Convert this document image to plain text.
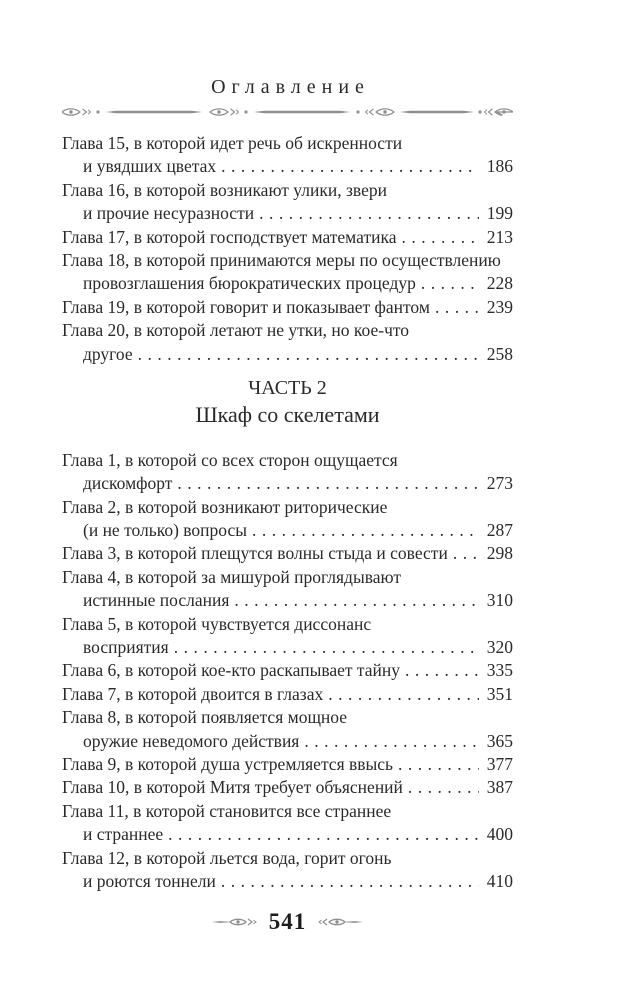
Оглавление
Глава 15, в которой идет речь об искренности
и увядших цветах .....	186
Глава 16, в которой возникают улики, звери
и прочие несуразности .....	199
Глава 17, в которой господствует математика .....	213
Глава 18, в которой принимаются меры по осуществлению
провозглашения бюрократических процедур .....	228
Глава 19, в которой говорит и показывает фантом .....	239
Глава 20, в которой летают не утки, но кое-что
другое .....	258
ЧАСТЬ 2
Шкаф со скелетами
Глава 1, в которой со всех сторон ощущается
дискомфорт .....	273
Глава 2, в которой возникают риторические
(и не только) вопросы .....	287
Глава 3, в которой плещутся волны стыда и совести ..... 298
Глава 4, в которой за мишурой проглядывают
истинные послания .....	310
Глава 5, в которой чувствуется диссонанс
восприятия .....	320
Глава 6, в которой кое-кто раскапывает тайну .....	335
Глава 7, в которой двоится в глазах .....	351
Глава 8, в которой появляется мощное
оружие неведомого действия .....	365
Глава 9, в которой душа устремляется ввысь .....	377
Глава 10, в которой Митя требует объяснений .....	387
Глава 11, в которой становится все страннее
и страннее .....	400
Глава 12, в которой льется вода, горит огонь
и роются тоннели .....	410
541
